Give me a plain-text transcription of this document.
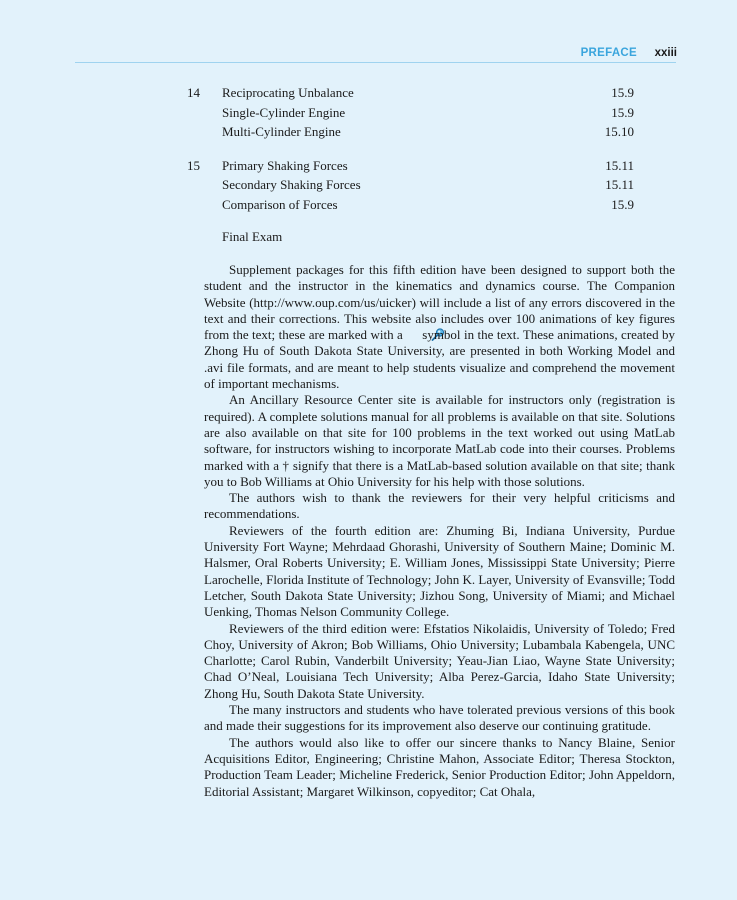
PREFACE xxiii
14 Reciprocating Unbalance	15.9
Single-Cylinder Engine	15.9
Multi-Cylinder Engine	15.10
15 Primary Shaking Forces	15.11
Secondary Shaking Forces	15.11
Comparison of Forces	15.9
Final Exam

Supplement packages for this fifth edition have been designed to support both the student and the instructor in the kinematics and dynamics course. The Companion Website (http://www.oup.com/us/uicker) will include a list of any errors discovered in the text and their corrections. This website also includes over 100 animations of key figures from the text; these are marked with a symbol in the text. These animations, created by Zhong Hu of South Dakota State University, are presented in both Working Model and .avi file formats, and are meant to help students visualize and comprehend the movement of important mechanisms.

An Ancillary Resource Center site is available for instructors only (registration is required). A complete solutions manual for all problems is available on that site. Solutions are also available on that site for 100 problems in the text worked out using MatLab software, for instructors wishing to incorporate MatLab code into their courses. Problems marked with a † signify that there is a MatLab-based solution available on that site; thank you to Bob Williams at Ohio University for his help with those solutions.

The authors wish to thank the reviewers for their very helpful criticisms and recommendations.

Reviewers of the fourth edition are: Zhuming Bi, Indiana University, Purdue University Fort Wayne; Mehrdaad Ghorashi, University of Southern Maine; Dominic M. Halsmer, Oral Roberts University; E. William Jones, Mississippi State University; Pierre Larochelle, Florida Institute of Technology; John K. Layer, University of Evansville; Todd Letcher, South Dakota State University; Jizhou Song, University of Miami; and Michael Uenking, Thomas Nelson Community College.

Reviewers of the third edition were: Efstatios Nikolaidis, University of Toledo; Fred Choy, University of Akron; Bob Williams, Ohio University; Lubambala Kabengela, UNC Charlotte; Carol Rubin, Vanderbilt University; Yeau-Jian Liao, Wayne State University; Chad O’Neal, Louisiana Tech University; Alba Perez-Garcia, Idaho State University; Zhong Hu, South Dakota State University.

The many instructors and students who have tolerated previous versions of this book and made their suggestions for its improvement also deserve our continuing gratitude.

The authors would also like to offer our sincere thanks to Nancy Blaine, Senior Acquisitions Editor, Engineering; Christine Mahon, Associate Editor; Theresa Stockton, Production Team Leader; Micheline Frederick, Senior Production Editor; John Appeldorn, Editorial Assistant; Margaret Wilkinson, copyeditor; Cat Ohala,
